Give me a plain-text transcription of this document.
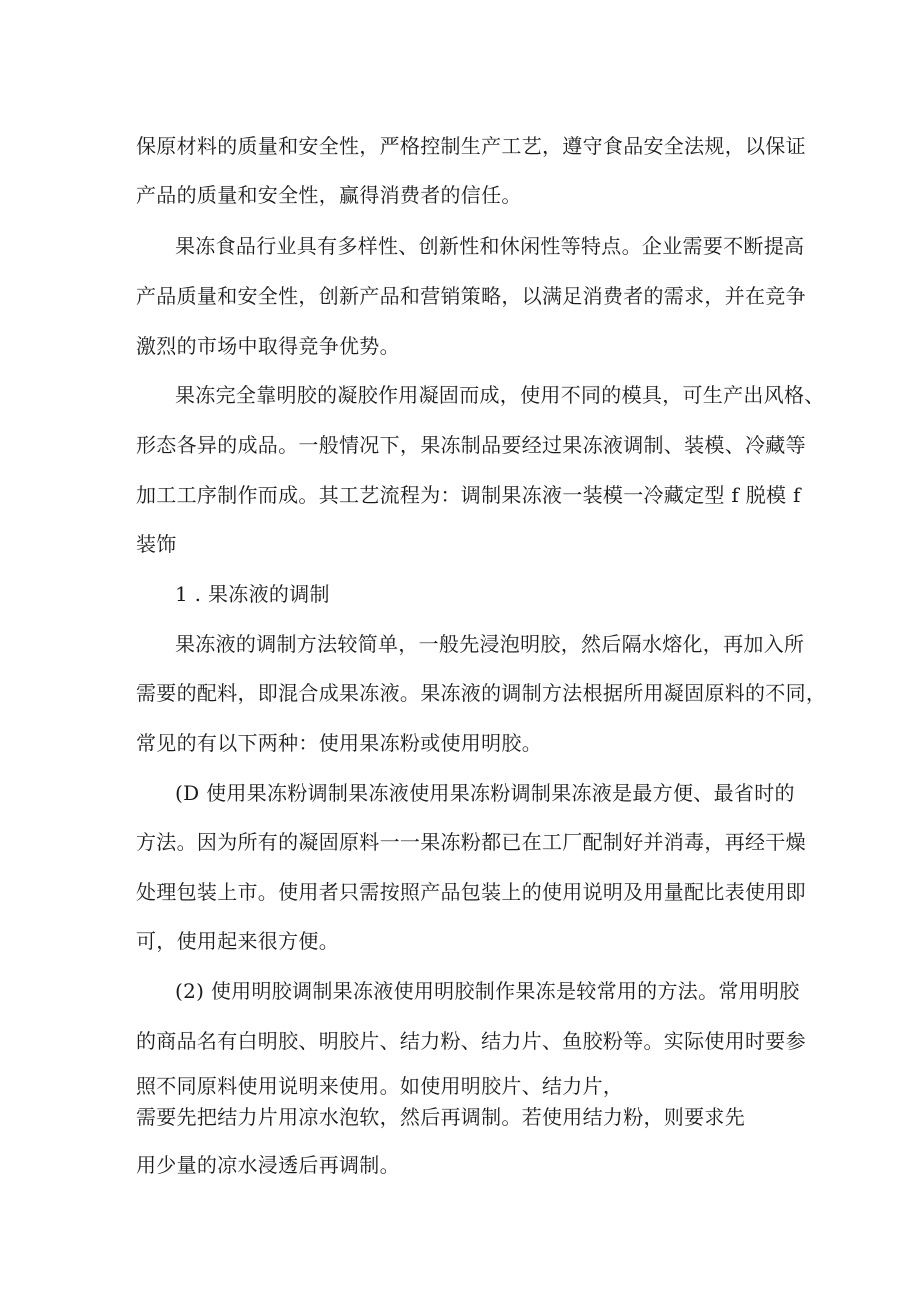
保原材料的质量和安全性，严格控制生产工艺，遵守食品安全法规，以保证
产品的质量和安全性，赢得消费者的信任。
果冻食品行业具有多样性、创新性和休闲性等特点。企业需要不断提高
产品质量和安全性，创新产品和营销策略，以满足消费者的需求，并在竞争
激烈的市场中取得竞争优势。
果冻完全靠明胶的凝胶作用凝固而成，使用不同的模具，可生产出风格、
形态各异的成品。一般情况下，果冻制品要经过果冻液调制、装模、冷藏等
加工工序制作而成。其工艺流程为：调制果冻液一装模一冷藏定型 f 脱模 f
装饰
1 . 果冻液的调制
果冻液的调制方法较简单，一般先浸泡明胶，然后隔水熔化，再加入所
需要的配料，即混合成果冻液。果冻液的调制方法根据所用凝固原料的不同，
常见的有以下两种：使用果冻粉或使用明胶。
(D 使用果冻粉调制果冻液使用果冻粉调制果冻液是最方便、最省时的
方法。因为所有的凝固原料一一果冻粉都已在工厂配制好并消毒，再经干燥
处理包装上市。使用者只需按照产品包装上的使用说明及用量配比表使用即
可，使用起来很方便。
(2) 使用明胶调制果冻液使用明胶制作果冻是较常用的方法。常用明胶
的商品名有白明胶、明胶片、结力粉、结力片、鱼胶粉等。实际使用时要参
照不同原料使用说明来使用。如使用明胶片、结力片，
需要先把结力片用凉水泡软，然后再调制。若使用结力粉，则要求先
用少量的凉水浸透后再调制。
